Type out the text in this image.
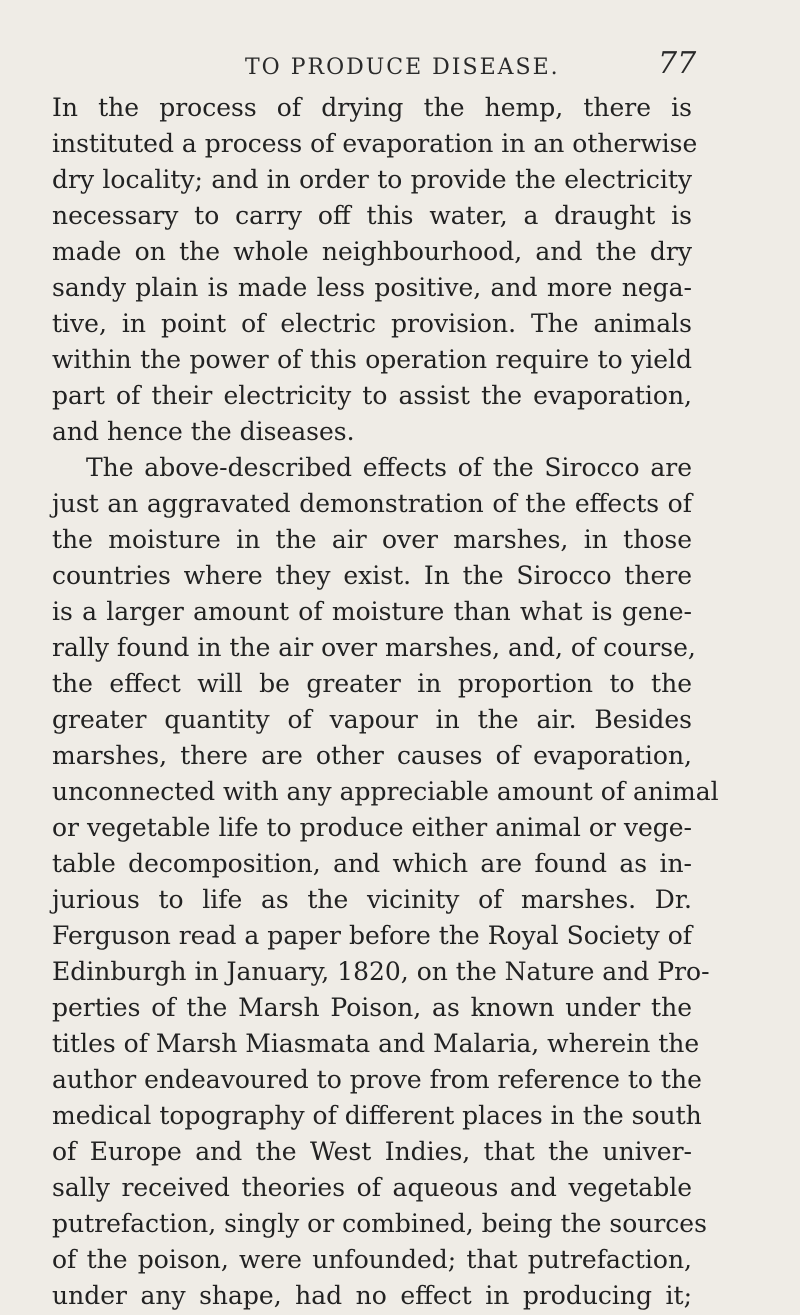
TO PRODUCE DISEASE.	77
In the process of drying the hemp, there is
instituted a process of evaporation in an otherwise
dry locality; and in order to provide the electricity
necessary to carry off this water, a draught is
made on the whole neighbourhood, and the dry
sandy plain is made less positive, and more nega-
tive, in point of electric provision. The animals
within the power of this operation require to yield
part of their electricity to assist the evaporation,
and hence the diseases.
The above-described effects of the Sirocco are
just an aggravated demonstration of the effects of
the moisture in the air over marshes, in those
countries where they exist. In the Sirocco there
is a larger amount of moisture than what is gene-
rally found in the air over marshes, and, of course,
the effect will be greater in proportion to the
greater quantity of vapour in the air. Besides
marshes, there are other causes of evaporation,
unconnected with any appreciable amount of animal
or vegetable life to produce either animal or vege-
table decomposition, and which are found as in-
jurious to life as the vicinity of marshes. Dr.
Ferguson read a paper before the Royal Society of
Edinburgh in January, 1820, on the Nature and Pro-
perties of the Marsh Poison, as known under the
titles of Marsh Miasmata and Malaria, wherein the
author endeavoured to prove from reference to the
medical topography of different places in the south
of Europe and the West Indies, that the univer-
sally received theories of aqueous and vegetable
putrefaction, singly or combined, being the sources
of the poison, were unfounded; that putrefaction,
under any shape, had no effect in producing it;
